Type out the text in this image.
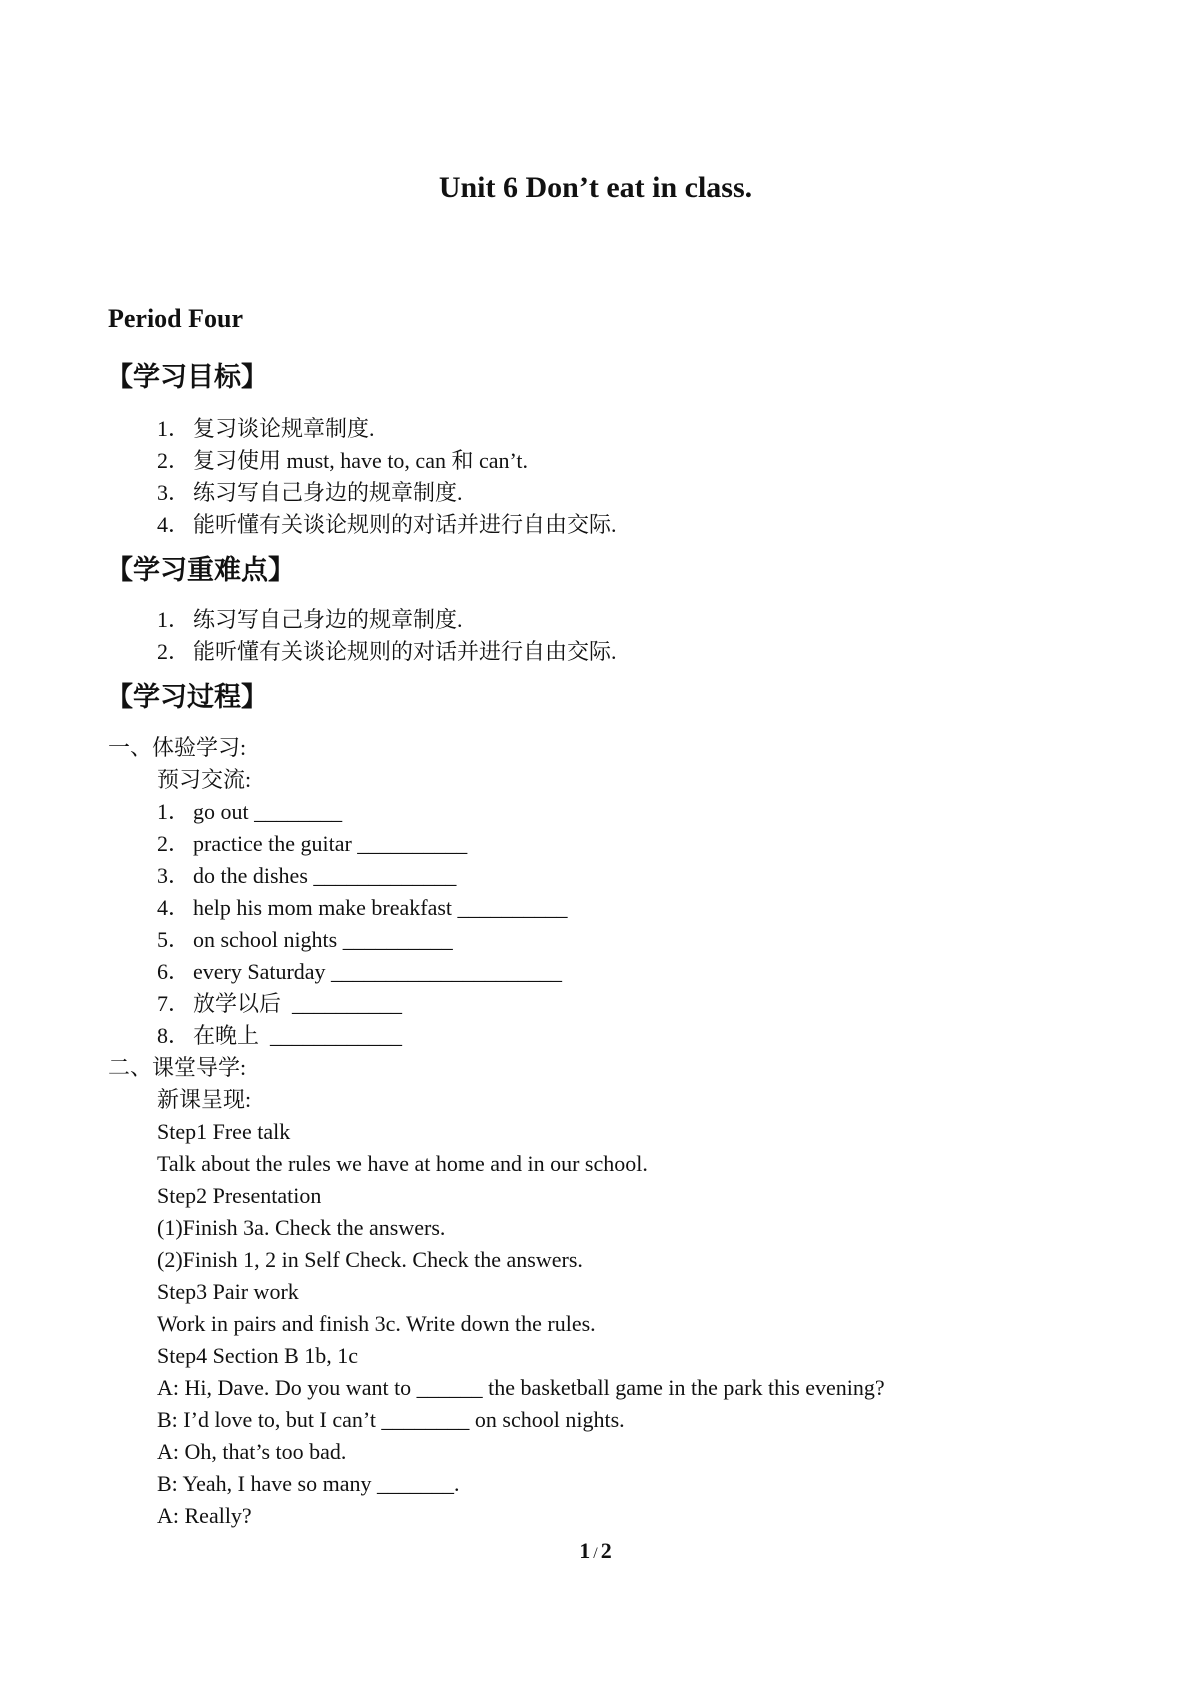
Unit 6 Don’t eat in class.
Period Four
【学习目标】
1． 复习谈论规章制度.
2． 复习使用 must, have to, can 和 can’t.
3． 练习写自己身边的规章制度.
4． 能听懂有关谈论规则的对话并进行自由交际.
【学习重难点】
1． 练习写自己身边的规章制度.
2． 能听懂有关谈论规则的对话并进行自由交际.
【学习过程】
一、体验学习:
预习交流:
1． go out ________
2． practice the guitar __________
3． do the dishes _____________
4． help his mom make breakfast __________
5． on school nights __________
6． every Saturday _____________________
7． 放学以后  __________
8． 在晚上  ____________
二、课堂导学:
新课呈现:
Step1 Free talk
Talk about the rules we have at home and in our school.
Step2 Presentation
(1)Finish 3a. Check the answers.
(2)Finish 1, 2 in Self Check. Check the answers.
Step3 Pair work
Work in pairs and finish 3c. Write down the rules.
Step4 Section B 1b, 1c
A: Hi, Dave. Do you want to ______ the basketball game in the park this evening?
B: I’d love to, but I can’t ________ on school nights.
A: Oh, that’s too bad.
B: Yeah, I have so many _______.
A: Really?
1 / 2
